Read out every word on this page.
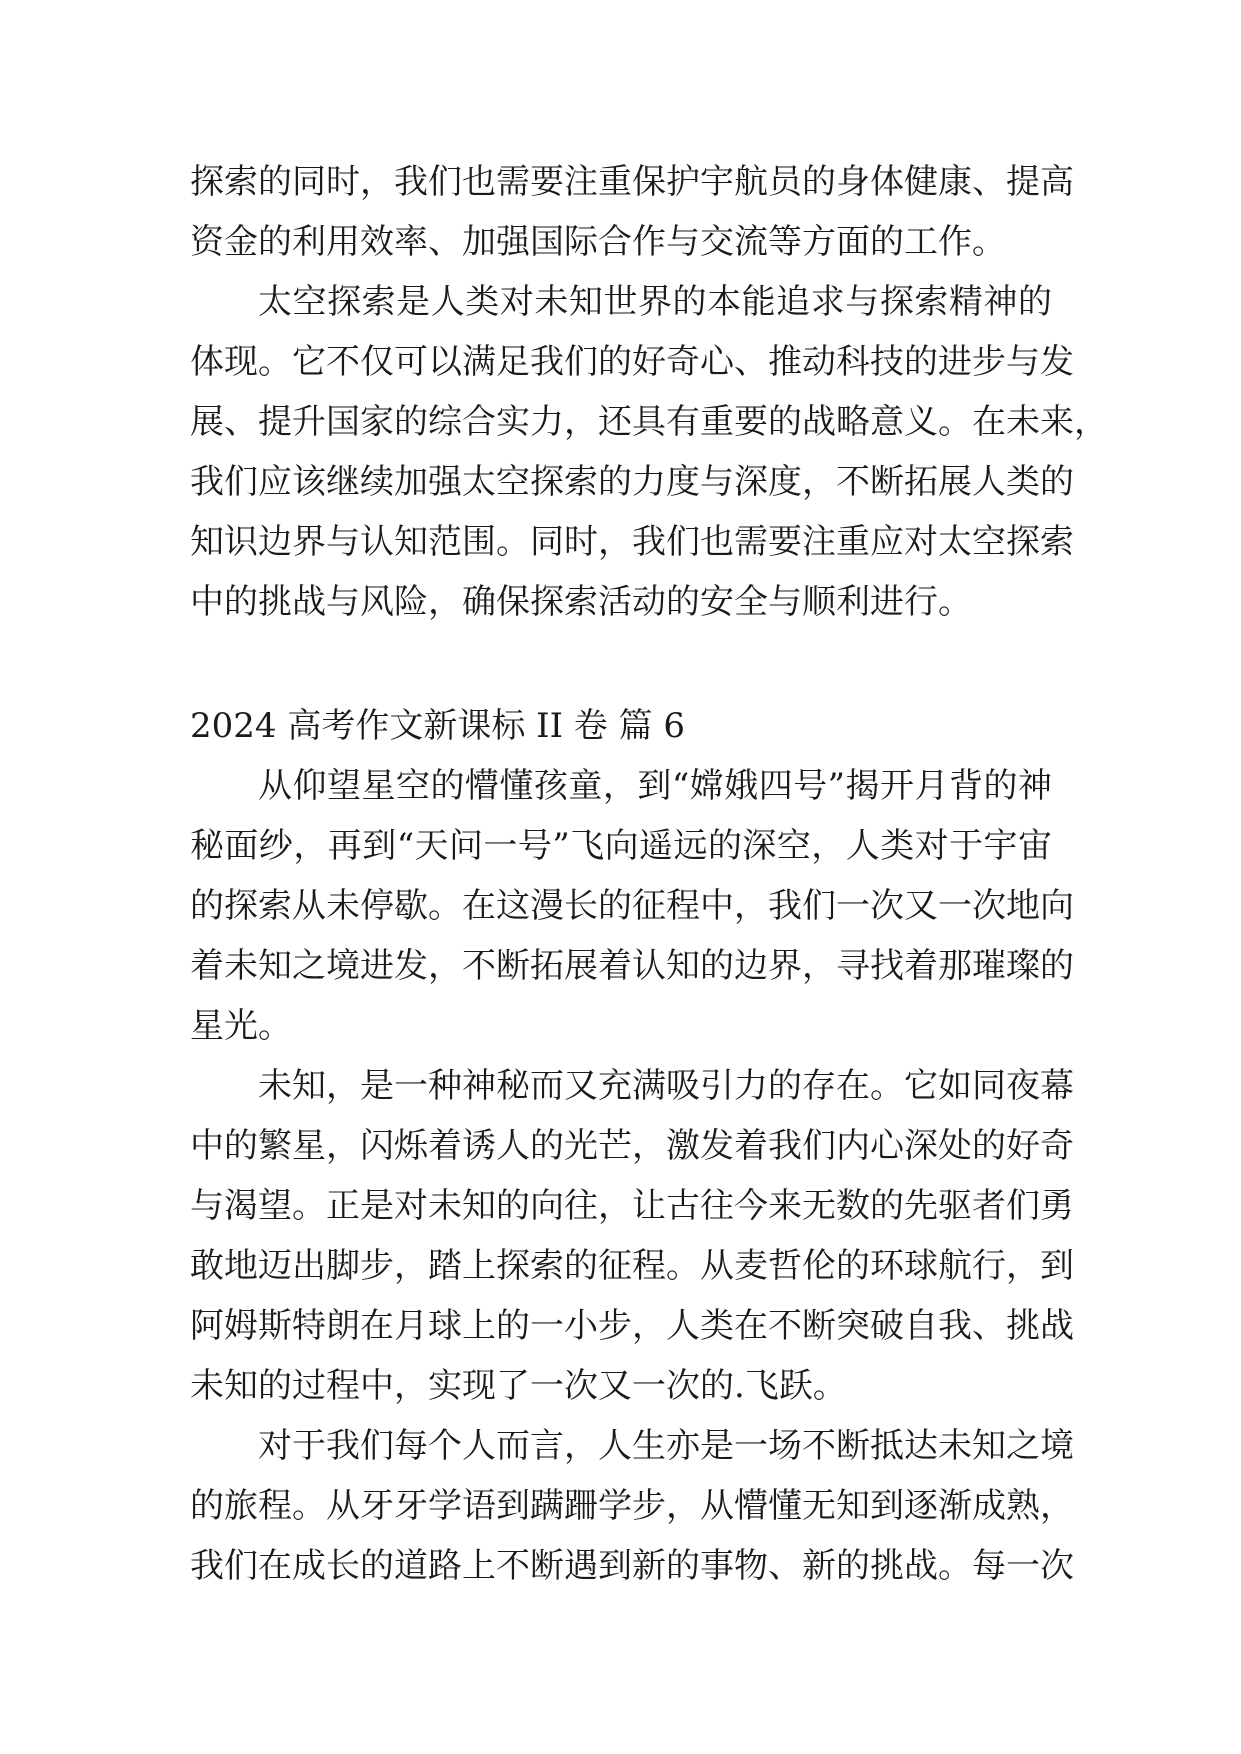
探索的同时，我们也需要注重保护宇航员的身体健康、提高
资金的利用效率、加强国际合作与交流等方面的工作。
太空探索是人类对未知世界的本能追求与探索精神的
体现。它不仅可以满足我们的好奇心、推动科技的进步与发
展、提升国家的综合实力，还具有重要的战略意义。在未来，
我们应该继续加强太空探索的力度与深度，不断拓展人类的
知识边界与认知范围。同时，我们也需要注重应对太空探索
中的挑战与风险，确保探索活动的安全与顺利进行。
2024 高考作文新课标 II 卷 篇 6
从仰望星空的懵懂孩童，到“嫦娥四号”揭开月背的神
秘面纱，再到“天问一号”飞向遥远的深空，人类对于宇宙
的探索从未停歇。在这漫长的征程中，我们一次又一次地向
着未知之境进发，不断拓展着认知的边界，寻找着那璀璨的
星光。
未知，是一种神秘而又充满吸引力的存在。它如同夜幕
中的繁星，闪烁着诱人的光芒，激发着我们内心深处的好奇
与渴望。正是对未知的向往，让古往今来无数的先驱者们勇
敢地迈出脚步，踏上探索的征程。从麦哲伦的环球航行，到
阿姆斯特朗在月球上的一小步，人类在不断突破自我、挑战
未知的过程中，实现了一次又一次的.飞跃。
对于我们每个人而言，人生亦是一场不断抵达未知之境
的旅程。从牙牙学语到蹒跚学步，从懵懂无知到逐渐成熟，
我们在成长的道路上不断遇到新的事物、新的挑战。每一次
